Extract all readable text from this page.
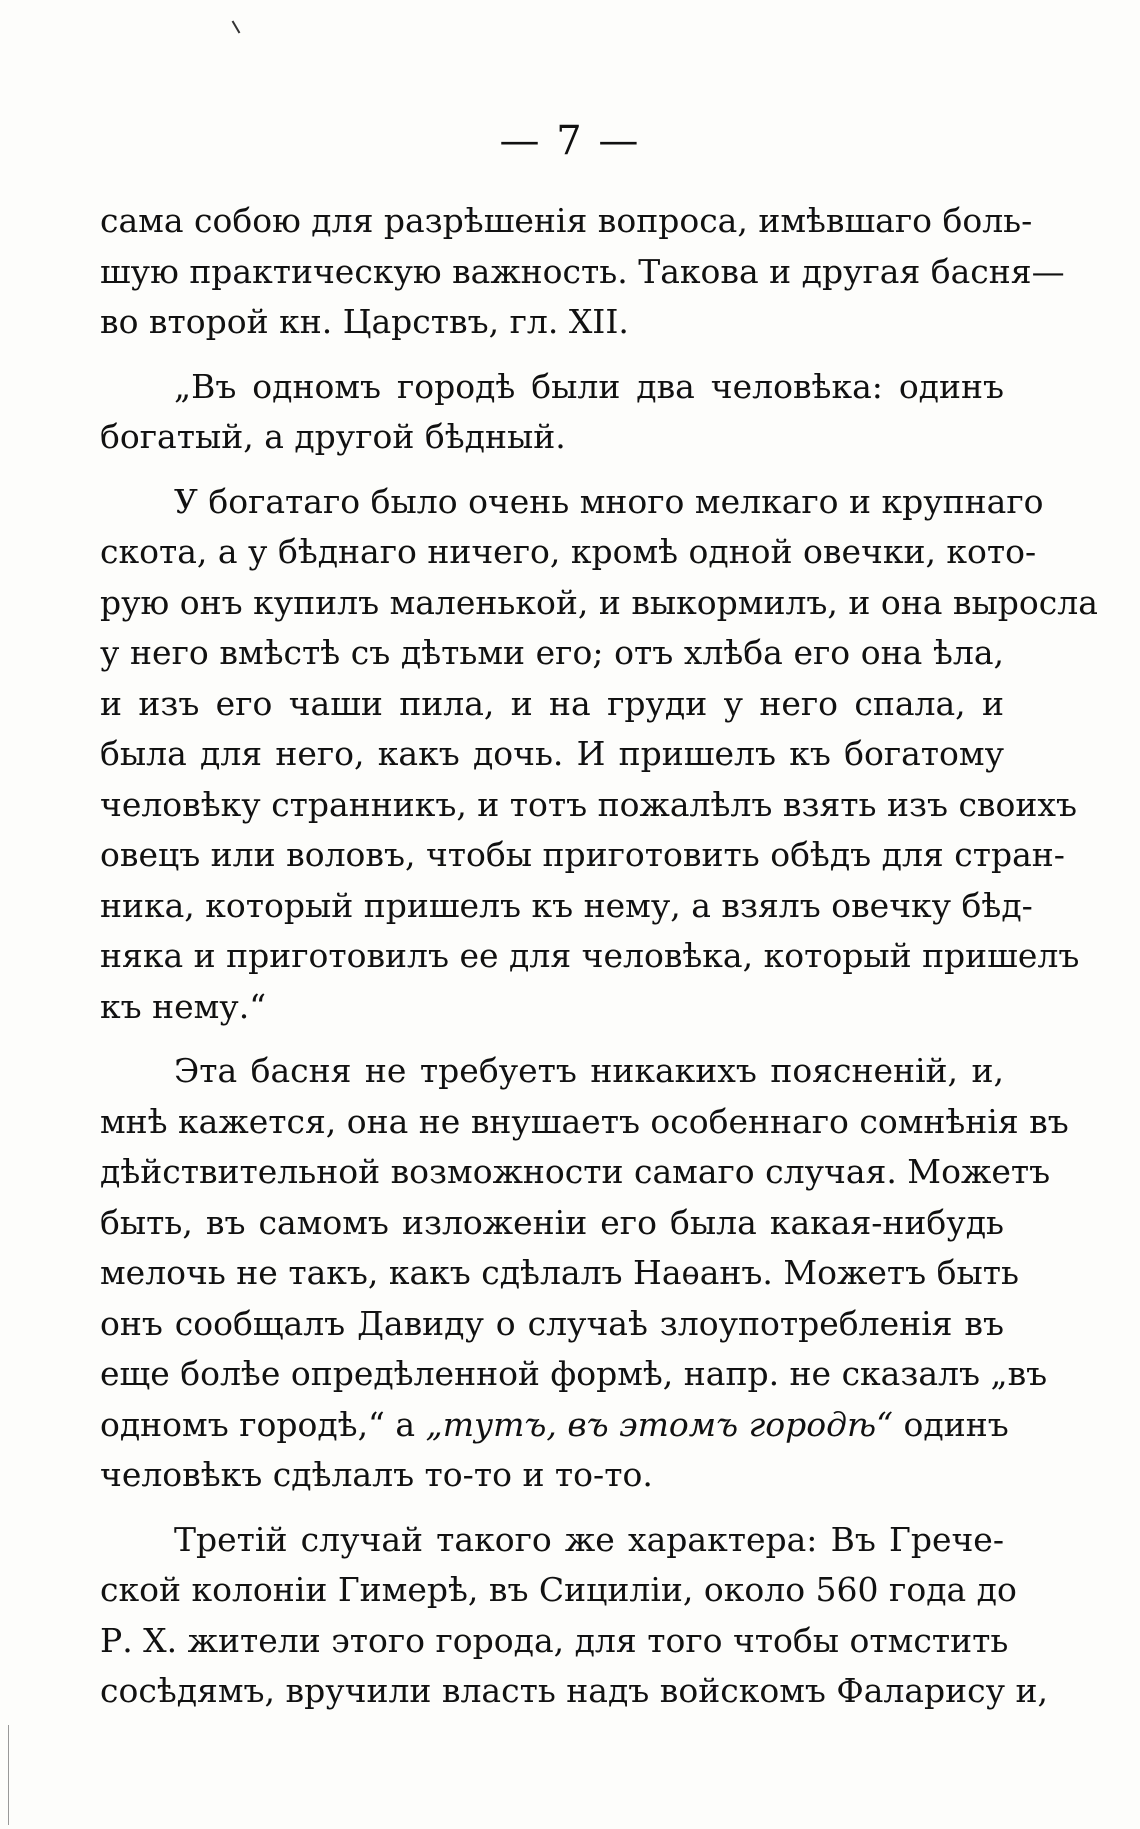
— 7 —
сама собою для разрѣшенія вопроса, имѣвшаго боль-
шую практическую важность. Такова и другая басня—
во второй кн. Царствъ, гл. XII.
„Въ одномъ городѣ были два человѣка: одинъ
богатый, а другой бѣдный.
У богатаго было очень много мелкаго и крупнаго
скота, а у бѣднаго ничего, кромѣ одной овечки, кото-
рую онъ купилъ маленькой, и выкормилъ, и она выросла
у него вмѣстѣ съ дѣтьми его; отъ хлѣба его она ѣла,
и изъ его чаши пила, и на груди у него спала, и
была для него, какъ дочь. И пришелъ къ богатому
человѣку странникъ, и тотъ пожалѣлъ взять изъ своихъ
овецъ или воловъ, чтобы приготовить обѣдъ для стран-
ника, который пришелъ къ нему, а взялъ овечку бѣд-
няка и приготовилъ ее для человѣка, который пришелъ
къ нему.“
Эта басня не требуетъ никакихъ поясненій, и,
мнѣ кажется, она не внушаетъ особеннаго сомнѣнія въ
дѣйствительной возможности самаго случая. Можетъ
быть, въ самомъ изложеніи его была какая-нибудь
мелочь не такъ, какъ сдѣлалъ Наѳанъ. Можетъ быть
онъ сообщалъ Давиду о случаѣ злоупотребленія въ
еще болѣе опредѣленной формѣ, напр. не сказалъ „въ
одномъ городѣ,“ а „тутъ, въ этомъ городѣ“ одинъ
человѣкъ сдѣлалъ то-то и то-то.
Третій случай такого же характера: Въ Грече-
ской колоніи Гимерѣ, въ Сициліи, около 560 года до
Р. Х. жители этого города, для того чтобы отмстить
сосѣдямъ, вручили власть надъ войскомъ Фаларису и,
